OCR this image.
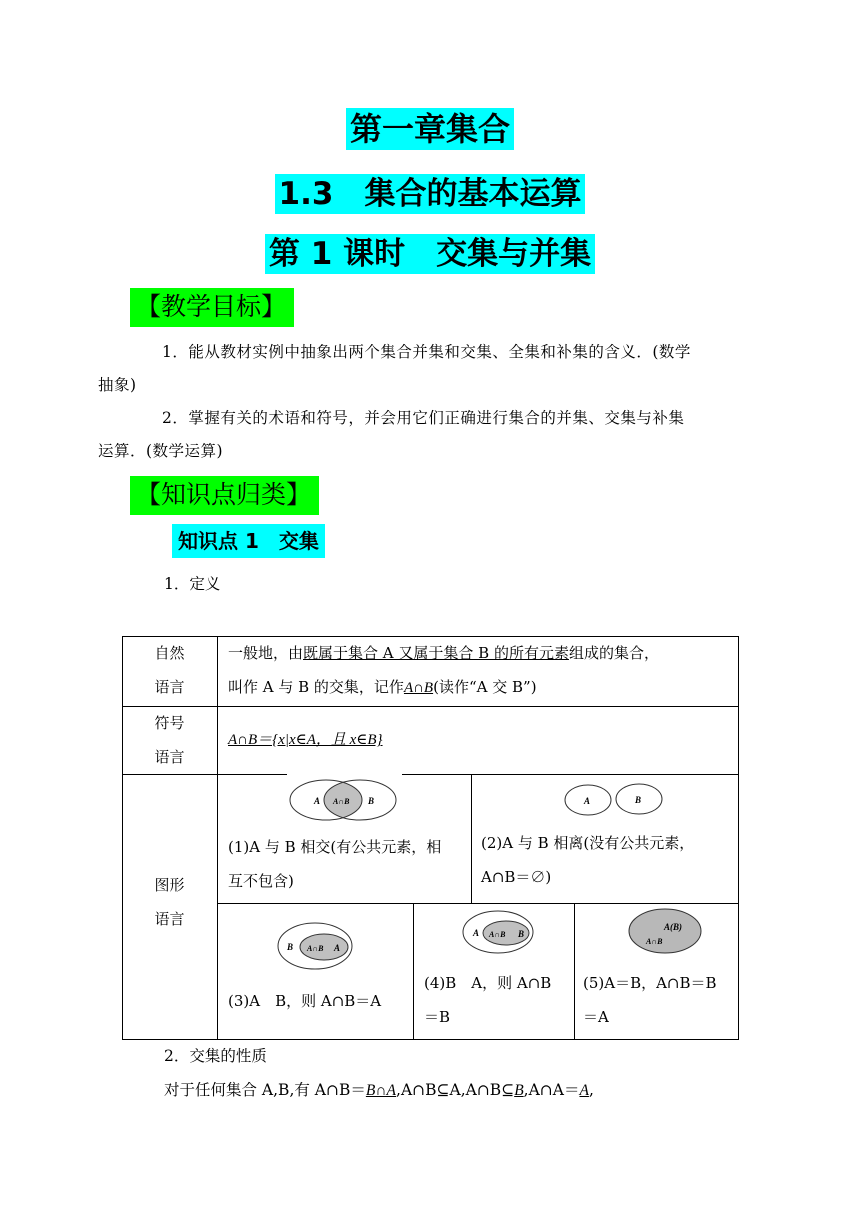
第一章集合
1.3　集合的基本运算
第 1 课时　交集与并集
【教学目标】
1．能从教材实例中抽象出两个集合并集和交集、全集和补集的含义．(数学
抽象)
2．掌握有关的术语和符号，并会用它们正确进行集合的并集、交集与补集
运算．(数学运算)
【知识点归类】
知识点 1　交集
1．定义
自然
语言
一般地，由既属于集合 A 又属于集合 B 的所有元素组成的集合，
叫作 A 与 B 的交集，记作A∩B(读作“A 交 B”)
符号
语言
A∩B＝{x|x∈A，且 x∈B}
图形
语言
A A∩B B
(1)A 与 B 相交(有公共元素，相
互不包含)
A	B
(2)A 与 B 相离(没有公共元素，
A∩B＝∅)
B A∩B A
(3)A　B，则 A∩B＝A
A A∩B B
(4)B　A，则 A∩B
＝B
A(B)
A∩B
(5)A＝B，A∩B＝B
＝A
2．交集的性质
对于任何集合 A,B,有 A∩B＝B∩A,A∩B⊆A,A∩B⊆B,A∩A＝A,
